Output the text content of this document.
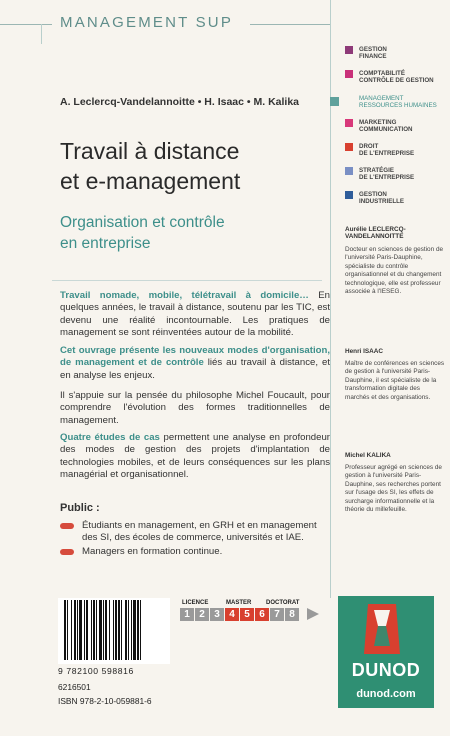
MANAGEMENT SUP
A. Leclercq-Vandelannoitte • H. Isaac • M. Kalika
Travail à distance
et e-management
Organisation et contrôle
en entreprise
Travail nomade, mobile, télétravail à domicile… En quelques années, le travail à distance, soutenu par les TIC, est devenu une réalité incontournable. Les pratiques de management se sont réinventées autour de la mobilité.
Cet ouvrage présente les nouveaux modes d'organisation, de management et de contrôle liés au travail à distance, et en analyse les enjeux.
Il s'appuie sur la pensée du philosophe Michel Foucault, pour comprendre l'évolution des formes traditionnelles de management.
Quatre études de cas permettent une analyse en profondeur des modes de gestion des projets d'implantation de technologies mobiles, et de leurs conséquences sur les plans managérial et organisationnel.
Public :
Étudiants en management, en GRH et en management des SI, des écoles de commerce, universités et IAE.
Managers en formation continue.
GESTION
FINANCE
COMPTABILITÉ
CONTRÔLE DE GESTION
MANAGEMENT
RESSOURCES HUMAINES
MARKETING
COMMUNICATION
DROIT
DE L'ENTREPRISE
STRATÉGIE
DE L'ENTREPRISE
GESTION
INDUSTRIELLE
Aurélie LECLERCQ-
VANDELANNOITTE
Docteur en sciences de gestion de l'université Paris-Dauphine, spécialiste du contrôle organisationnel et du changement technologique, elle est professeur associée à l'IESEG.
Henri ISAAC
Maître de conférences en sciences de gestion à l'université Paris-Dauphine, il est spécialiste de la transformation digitale des marchés et des organisations.
Michel KALIKA
Professeur agrégé en sciences de gestion à l'université Paris-Dauphine, ses recherches portent sur l'usage des SI, les effets de surcharge informationnelle et la théorie du millefeuille.
LICENCE	MASTER DOCTORAT
1 2 3 4 5 6 7 8
9 782100 598816
6216501
ISBN 978-2-10-059881-6
DUNOD
dunod.com
